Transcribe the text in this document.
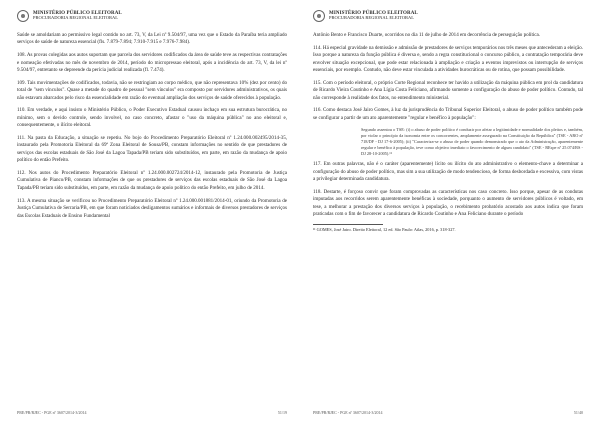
MINISTÉRIO PÚBLICO ELEITORAL
PROCURADORIA REGIONAL ELEITORAL

Saúde se amoldariam ao permissivo legal contido no art. 73, V, da Lei nº 9.504/97, uma vez que o Estado da Paraíba teria ampliado serviços de saúde de natureza essencial (fls. 7.879-7.894; 7.910-7.915 e 7.976-7.984).

108. As provas colegidas aos autos suportam que parcela dos servidores codificados da área de saúde teve as respectivas contratações e nomeação efetivadas no mês de novembro de 2014, período do micropressao eleitoral, após a incidência do art. 73, V, da lei nº 9.504/97, entretanto se depreende da perícia judicial realizada (fl. 7.474).

109. Tais movimentações de codificados, todavia, não se restringiam ao corpo médico, que não representava 10% (dez por cento) do total de "sem vínculos". Quase a metade do quadro de pessoal "sem vínculos" era composto por servidores administrativos, os quais não estavam abarcados pelo risco da essencialidade em razão do eventual ampliação dos serviços de saúde oferecidos à população.

110. Em verdade, e aqui insisto o Ministério Público, o Poder Executivo Estadual causou inchaço em sua estrutura burocrática, no mínimo, sem o devido controle, sendo involvel, no caso concreto, afastar o "uso da máquina pública" no ano eleitoral e, consequentemente, o ilícito eleitoral.

111. Na pasta da Educação, a situação se repetiu. No bojo do Procedimento Preparatório Eleitoral nº 1.24.000.002495/2014-35, instaurado pela Promotoria Eleitoral da 69ª Zona Eleitoral de Sousa/PB, constam informações no sentido de que prestadores de serviços das escolas estaduais de São José da Lagoa Tapada/PB teriam sido substituídos, em parte, em razão da mudança de apoio político do então Prefeito.

112. Nos autos do Procedimento Preparatório Eleitoral nº 1.24.000.002724/2014-12, instaurado pela Promotoria de Justiça Cumulativa de Pianco/PB, constam informações de que os prestadores de serviços das escolas estaduais de São José da Lagoa Tapada/PB teriam sido substituídos, em parte, em razão da mudança de apoio político do então Prefeito, em julho de 2014.

113. A mesma situação se verificou no Procedimento Preparatório Eleitoral nº 1.24.000.001881/2014-01, oriundo da Promotoria de Justiça Cumulativa de Serraria/PB, em que foram noticiados desligamentos sumários e informais de diversos prestadores de serviços das Escolas Estaduais de Ensino Fundamental

PRE/PB/RJEC - PGE nº 3607/2014-3/2014	51/19
MINISTÉRIO PÚBLICO ELEITORAL
PROCURADORIA REGIONAL ELEITORAL

Antônio Bento e Francisco Duarte, ocorridos no dia 11 de julho de 2014 em decorrência de perseguição política.

114. Há especial gravidade na demissão e admissão de prestadores de serviços temporários nos três meses que antecederam a eleição. Isso porque a natureza da função pública é diversa e, sendo a regra constitucional o concurso público, a contratação temporária deve envolver situação excepcional, que pode estar relacionada à ampliação e criação a eventos imprevistos ou interrupção de serviços essenciais, por exemplo. Contudo, não deve estar vinculada a atividades burocráticas ou de rotina, que possam possibilidade.

115. Com o período eleitoral, o próprio Corte Regional reconhece ter havido a utilização da máquina pública em prol da candidatura de Ricardo Vieira Coutinho e Ana Lígia Costa Feliciano, afirmando somente a configuração do abuso de poder político. Contudo, tal não corresponde à realidade dos fatos, no entendimento ministerial.

116. Como destaca José Jairo Gomes, à luz da jurisprudência do Tribunal Superior Eleitoral, o abuso de poder político também pode se configurar a partir de um ato aparentemente "regular e benéfico à população":

Segundo assentou o TSE: (i) o abuso de poder político é conduzir por afetar a legitimidade e normalidade dos pleitos e, também, por violar o princípio da isonomia entre os concorrentes, amplamente assegurado na Constituição da República" (TSE - ARO nº 718/DF - DJ 17-6-2005); (ii) "Caracteriza-se o abuso de poder quando demonstrado que o ato da Administração, aparentemente regular e benéfico à população, teve como objetivo imediato o favorecimento de algum candidato" (TSE - REspe nº 25.074/RS - DJ 28-10-2005).¹¹

117. Em outras palavras, não é o caráter (aparentemente) lícito ou ilícito do ato administrativo o elemento-chave a determinar a configuração do abuso de poder político, mas sim a sua utilização de modo tendencioso, de forma desbordada e excessiva, com vistas a privilegiar determinada candidatura.

118. Destarte, é forçoso convir que foram comprovadas as características nos caso concreto. Isso porque, apesar de as condutas imputadas aos recorridos serem aparentemente benéficas à sociedade, porquanto o aumento de servidores públicos é voltado, em tese, a melhorar a prestação dos diversos serviços à população, o recebimento probatório acostado aos autos indica que foram praticadas com o fim de favorecer a candidatura de Ricardo Coutinho e Ana Feliciano durante o período

¹¹ GOMES, José Jairo. Direito Eleitoral, 12 ed. São Paulo: Atlas, 2016, p. 318-327.

PRE/PB/RJEC - PGE nº 3607/2014-3/2014	51/40
